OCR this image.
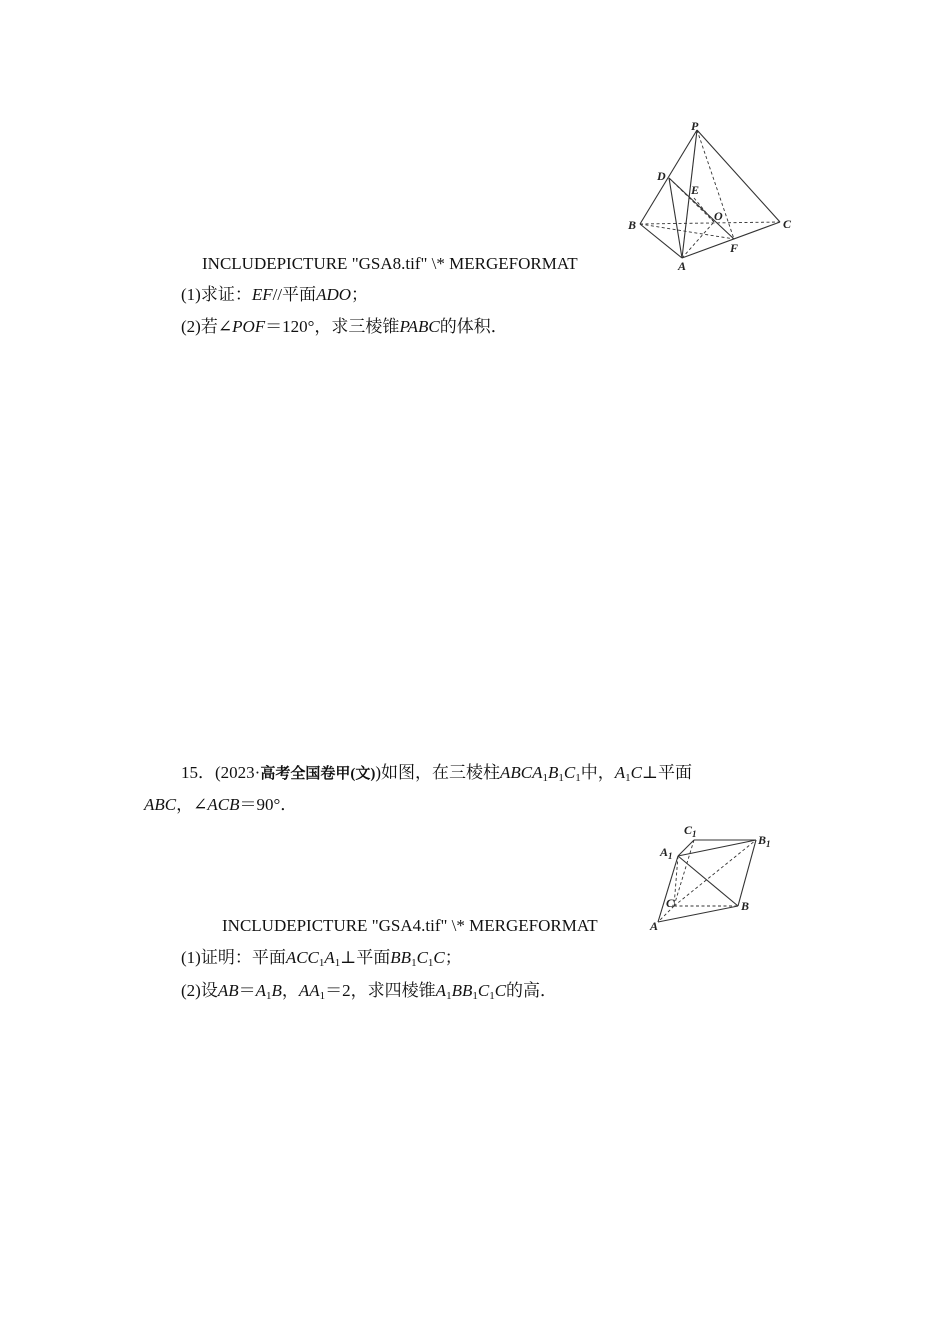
P
D
E
O
B	C
F
A
INCLUDEPICTURE "GSA8.tif" \* MERGEFORMAT
(1)求证：EF//平面ADO；
(2)若∠POF＝120°，求三棱锥PABC的体积．
15．(2023·高考全国卷甲(文))如图，在三棱柱$ABCA_1B_1C_1$中，$A_1C\perp$平面
ABC，∠ACB＝90°．
$C_1$	$B_1$
$A_1$
C	B
A
INCLUDEPICTURE "GSA4.tif" \* MERGEFORMAT
(1)证明：平面$ACC_1A_1\perp$平面$BB_1C_1C$；
(2)设$AB=A_1B$，$AA_1=2$，求四棱锥$A_1BB_1C_1C$的高．
